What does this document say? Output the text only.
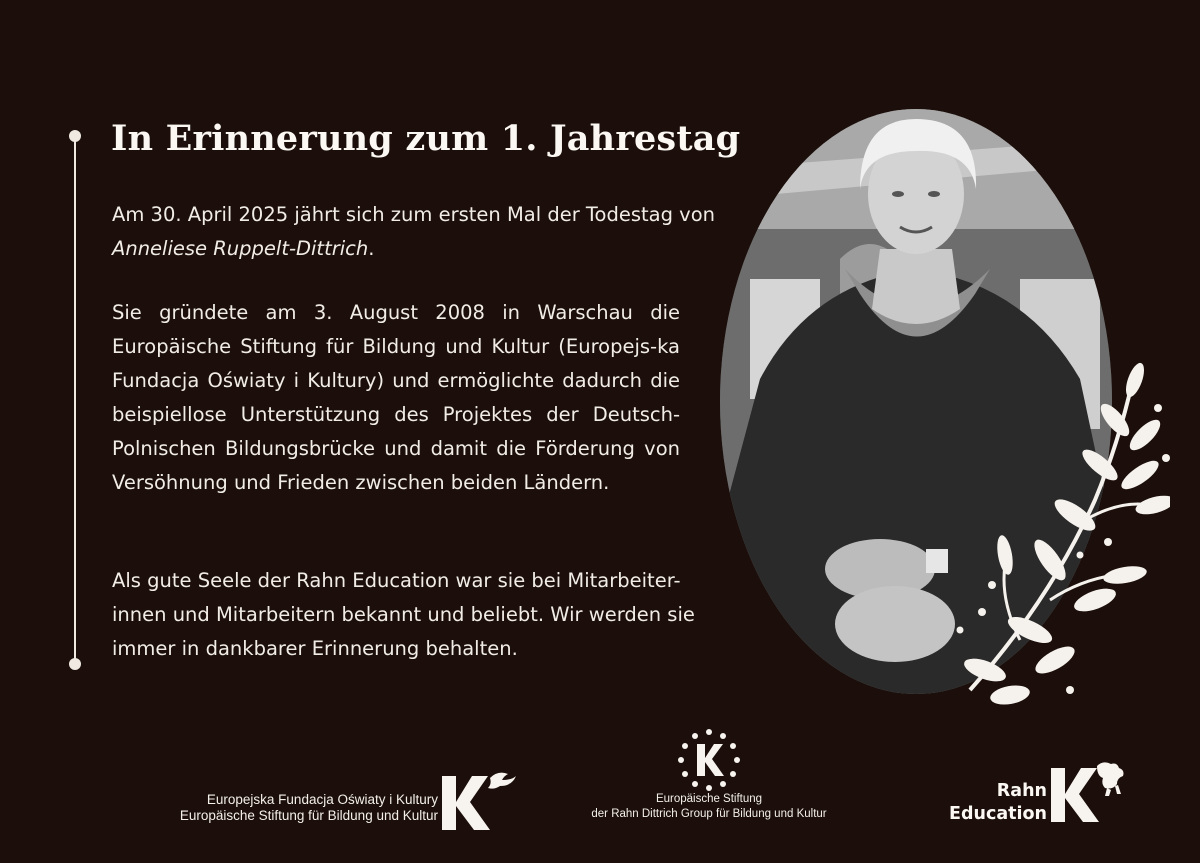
In Erinnerung zum 1. Jahrestag

Am 30. April 2025 jährt sich zum ersten Mal der Todestag von Anneliese Ruppelt-Dittrich.

Sie gründete am 3. August 2008 in Warschau die Europäische Stiftung für Bildung und Kultur (Europejs-ka Fundacja Oświaty i Kultury) und ermöglichte dadurch die beispiellose Unterstützung des Projektes der Deutsch-Polnischen Bildungsbrücke und damit die Förderung von Versöhnung und Frieden zwischen beiden Ländern.

Als gute Seele der Rahn Education war sie bei Mitarbeiter-innen und Mitarbeitern bekannt und beliebt. Wir werden sie immer in dankbarer Erinnerung behalten.

Europejska Fundacja Oświaty i Kultury
Europäische Stiftung für Bildung und Kultur
Europäische Stiftung
der Rahn Dittrich Group für Bildung und Kultur
Rahn
Education
